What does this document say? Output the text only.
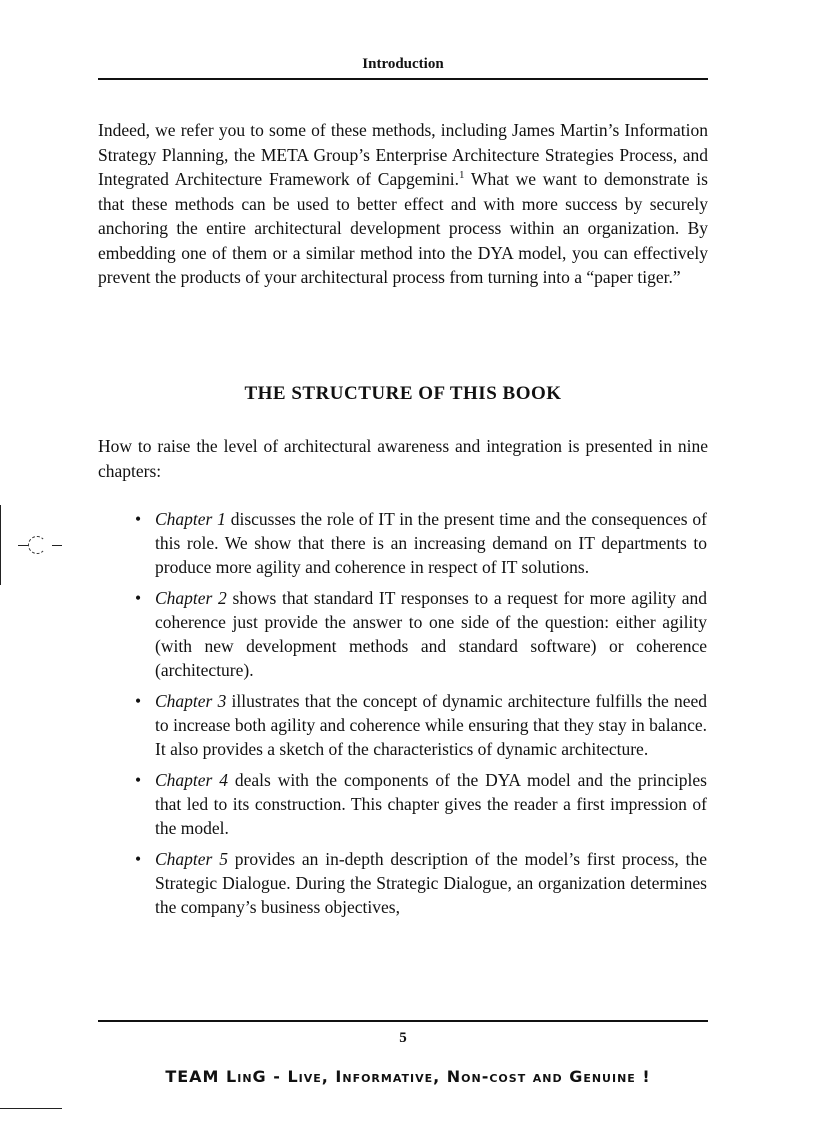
Introduction

Indeed, we refer you to some of these methods, including James Martin’s Information Strategy Planning, the META Group’s Enterprise Architecture Strategies Process, and Integrated Architecture Framework of Capgemini.$^1$ What we want to demonstrate is that these methods can be used to better effect and with more success by securely anchoring the entire architectural development process within an organization. By embedding one of them or a similar method into the DYA model, you can effectively prevent the products of your architectural process from turning into a “paper tiger.”

THE STRUCTURE OF THIS BOOK

How to raise the level of architectural awareness and integration is presented in nine chapters:

• Chapter 1 discusses the role of IT in the present time and the consequences of this role. We show that there is an increasing demand on IT departments to produce more agility and coherence in respect of IT solutions.
• Chapter 2 shows that standard IT responses to a request for more agility and coherence just provide the answer to one side of the question: either agility (with new development methods and standard software) or coherence (architecture).
• Chapter 3 illustrates that the concept of dynamic architecture fulfills the need to increase both agility and coherence while ensuring that they stay in balance. It also provides a sketch of the characteristics of dynamic architecture.
• Chapter 4 deals with the components of the DYA model and the principles that led to its construction. This chapter gives the reader a first impression of the model.
• Chapter 5 provides an in-depth description of the model’s first process, the Strategic Dialogue. During the Strategic Dialogue, an organization determines the company’s business objectives,
5
TEAM LinG - Live, Informative, Non-cost and Genuine !
